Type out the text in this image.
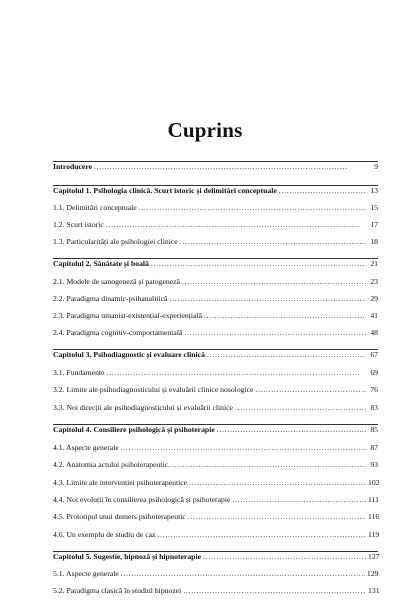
Cuprins
Introducere . . .	9
Capitolul 1. Psihologia clinică. Scurt istoric și delimitări conceptuale . . .	13
1.1. Delimitări conceptuale . . .	15
1.2. Scurt istoric . . .	17
1.3. Particularități ale psihologiei clinice . . .	18
Capitolul 2. Sănătate și boală . . .	21
2.1. Modele de sanogeneză și patogeneză . . .	23
2.2. Paradigma dinamic-psihanalitică . . .	29
2.3. Paradigma umanist-existențial-experiențială . . .	41
2.4. Paradigma cognitiv-comportamentală . . .	48
Capitolul 3. Psihodiagnostic și evaluare clinică . . .	67
3.1. Fundamente . . .	69
3.2. Limite ale psihodiagnosticului și evaluării clinice nosologice . . .	76
3.3. Noi direcții ale psihodiagnosticului și evaluării clinice . . .	83
Capitolul 4. Consiliere psihologică și psihoterapie . . .	85
4.1. Aspecte generale . . .	87
4.2. Anatomia actului psihoterapeutic. . . .	93
4.3. Limite ale intervenției psihoterapeutice . . .	102
4.4. Noi evoluții în consilierea psihologică și psihoterapie . . .	111
4.5. Prototipul unui demers psihoterapeutic . . .	116
4.6. Un exemplu de studiu de caz . . .	119
Capitolul 5. Sugestie, hipnoză și hipnoterapie . . .	127
5.1. Aspecte generale . . .	129
5.2. Paradigma clasică în studiul hipnozei . . .	131
